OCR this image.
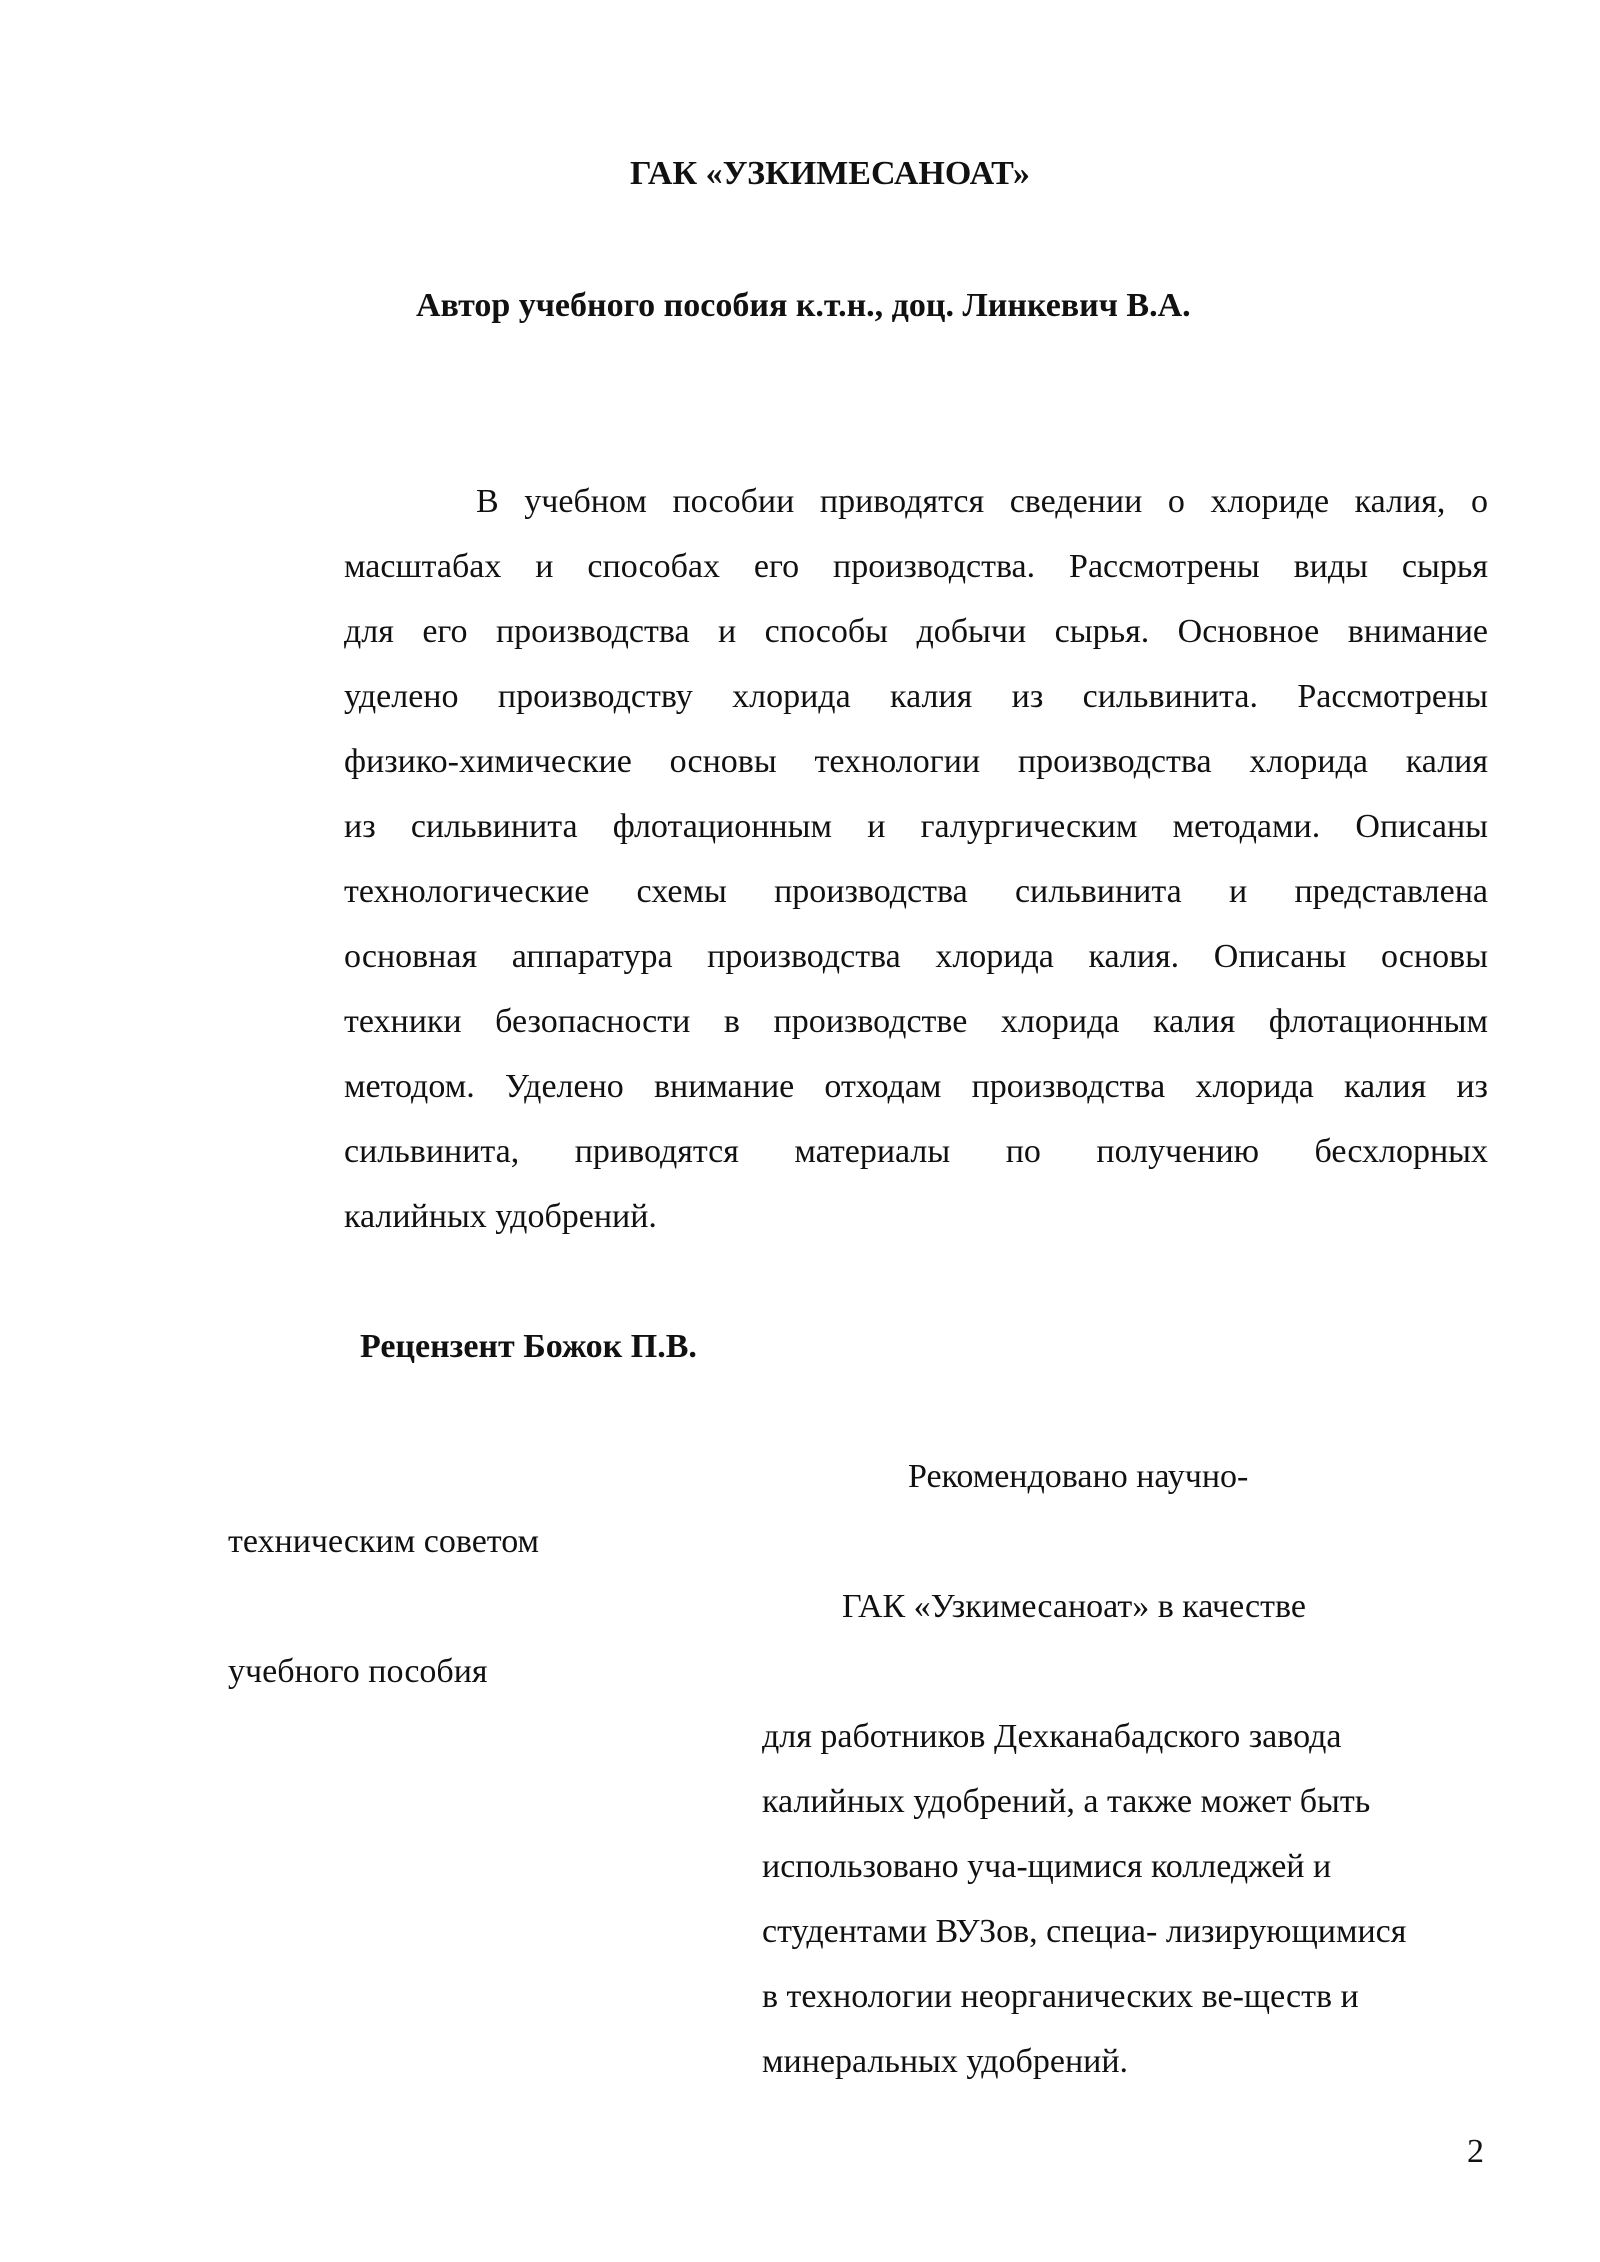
ГАК «УЗКИМЕСАНОАТ»
Автор учебного пособия к.т.н., доц. Линкевич В.А.
В учебном пособии приводятся сведении о хлориде калия, о
масштабах и способах его производства. Рассмотрены виды сырья
для его производства и способы добычи сырья. Основное внимание
уделено производству хлорида калия из сильвинита. Рассмотрены
физико-химические основы технологии производства хлорида калия
из сильвинита флотационным и галургическим методами. Описаны
технологические схемы производства сильвинита и представлена
основная аппаратура производства хлорида калия. Описаны основы
техники безопасности в производстве хлорида калия флотационным
методом. Уделено внимание отходам производства хлорида калия из
сильвинита, приводятся материалы по получению бесхлорных
калийных удобрений.
Рецензент Божок П.В.
Рекомендовано научно-
техническим советом
ГАК «Узкимесаноат» в качестве
учебного пособия
для работников Дехканабадского завода
калийных удобрений, а также может быть
использовано уча-щимися колледжей и
студентами ВУЗов, специа- лизирующимися
в технологии неорганических ве-ществ и
минеральных удобрений.
2
